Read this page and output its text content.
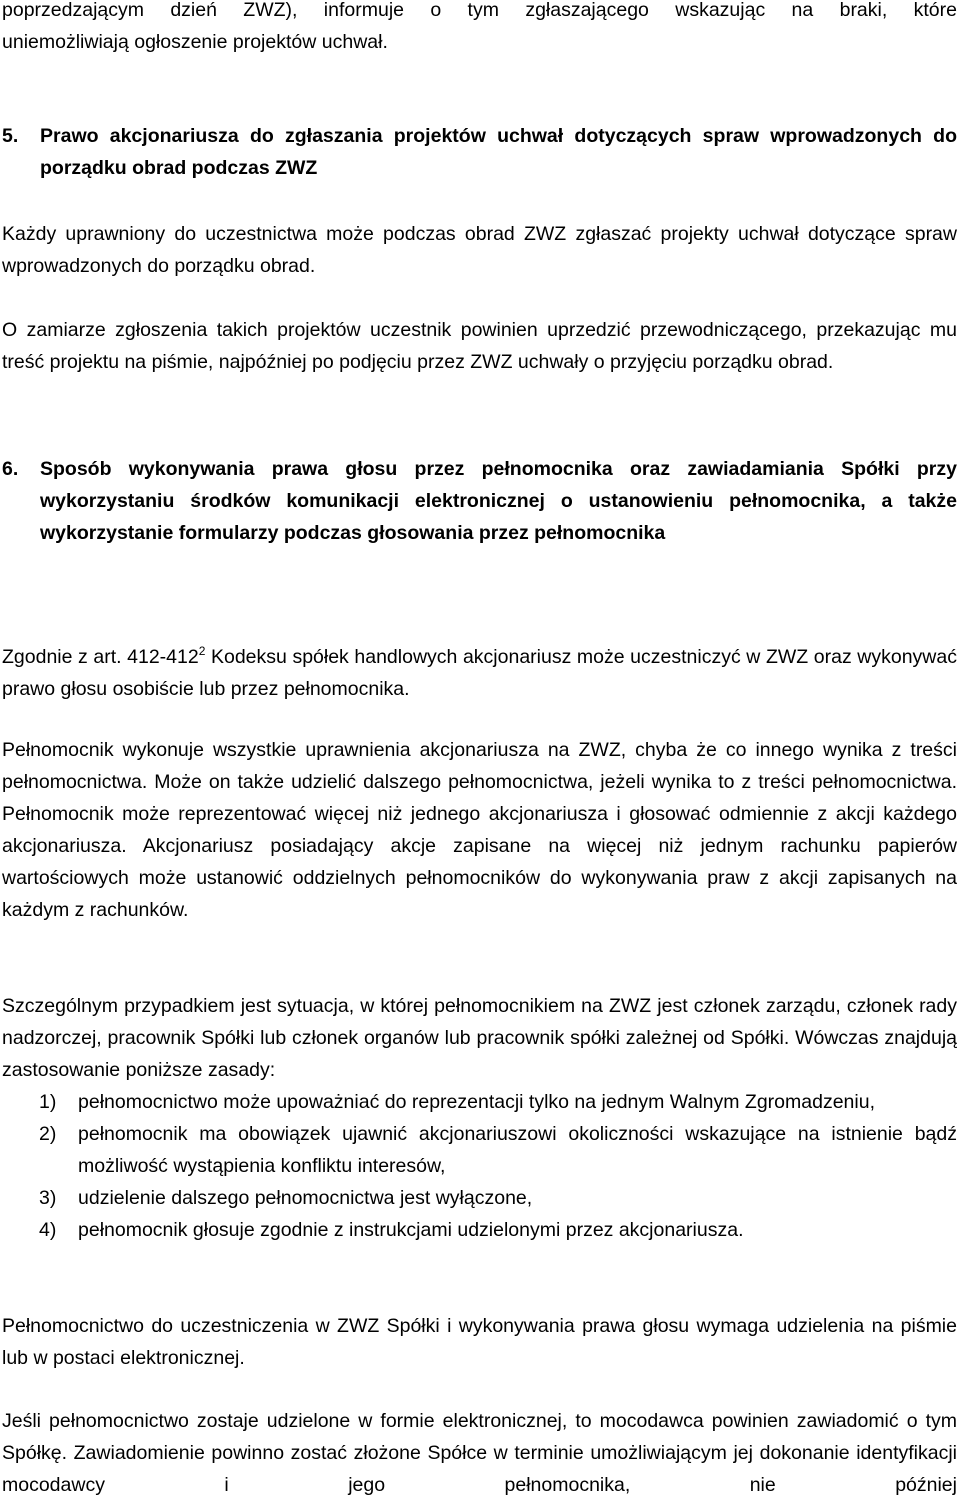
poprzedzającym dzień ZWZ), informuje o tym zgłaszającego wskazując na braki, które

uniemożliwiają ogłoszenie projektów uchwał.

5.	Prawo akcjonariusza do zgłaszania projektów uchwał dotyczących spraw wprowadzonych do porządku obrad podczas ZWZ

Każdy uprawniony do uczestnictwa może podczas obrad ZWZ zgłaszać projekty uchwał dotyczące spraw wprowadzonych do porządku obrad.

O zamiarze zgłoszenia takich projektów uczestnik powinien uprzedzić przewodniczącego, przekazując mu treść projektu na piśmie, najpóźniej po podjęciu przez ZWZ uchwały o przyjęciu porządku obrad.

6.	Sposób wykonywania prawa głosu przez pełnomocnika oraz zawiadamiania Spółki przy wykorzystaniu środków komunikacji elektronicznej o ustanowieniu pełnomocnika, a także wykorzystanie formularzy podczas głosowania przez pełnomocnika

Zgodnie z art. $412-412^2$ Kodeksu spółek handlowych akcjonariusz może uczestniczyć w ZWZ oraz wykonywać prawo głosu osobiście lub przez pełnomocnika.

Pełnomocnik wykonuje wszystkie uprawnienia akcjonariusza na ZWZ, chyba że co innego wynika z treści pełnomocnictwa. Może on także udzielić dalszego pełnomocnictwa, jeżeli wynika to z treści pełnomocnictwa. Pełnomocnik może reprezentować więcej niż jednego akcjonariusza i głosować odmiennie z akcji każdego akcjonariusza. Akcjonariusz posiadający akcje zapisane na więcej niż jednym rachunku papierów wartościowych może ustanowić oddzielnych pełnomocników do wykonywania praw z akcji zapisanych na każdym z rachunków.

Szczególnym przypadkiem jest sytuacja, w której pełnomocnikiem na ZWZ jest członek zarządu, członek rady nadzorczej, pracownik Spółki lub członek organów lub pracownik spółki zależnej od Spółki. Wówczas znajdują zastosowanie poniższe zasady:

1)	pełnomocnictwo może upoważniać do reprezentacji tylko na jednym Walnym Zgromadzeniu,
2)	pełnomocnik ma obowiązek ujawnić akcjonariuszowi okoliczności wskazujące na istnienie bądź możliwość wystąpienia konfliktu interesów,
3)	udzielenie dalszego pełnomocnictwa jest wyłączone,
4)	pełnomocnik głosuje zgodnie z instrukcjami udzielonymi przez akcjonariusza.

Pełnomocnictwo do uczestniczenia w ZWZ Spółki i wykonywania prawa głosu wymaga udzielenia na piśmie lub w postaci elektronicznej.

Jeśli pełnomocnictwo zostaje udzielone w formie elektronicznej, to mocodawca powinien zawiadomić o tym Spółkę. Zawiadomienie powinno zostać złożone Spółce w terminie umożliwiającym jej dokonanie identyfikacji mocodawcy i jego pełnomocnika, nie później
